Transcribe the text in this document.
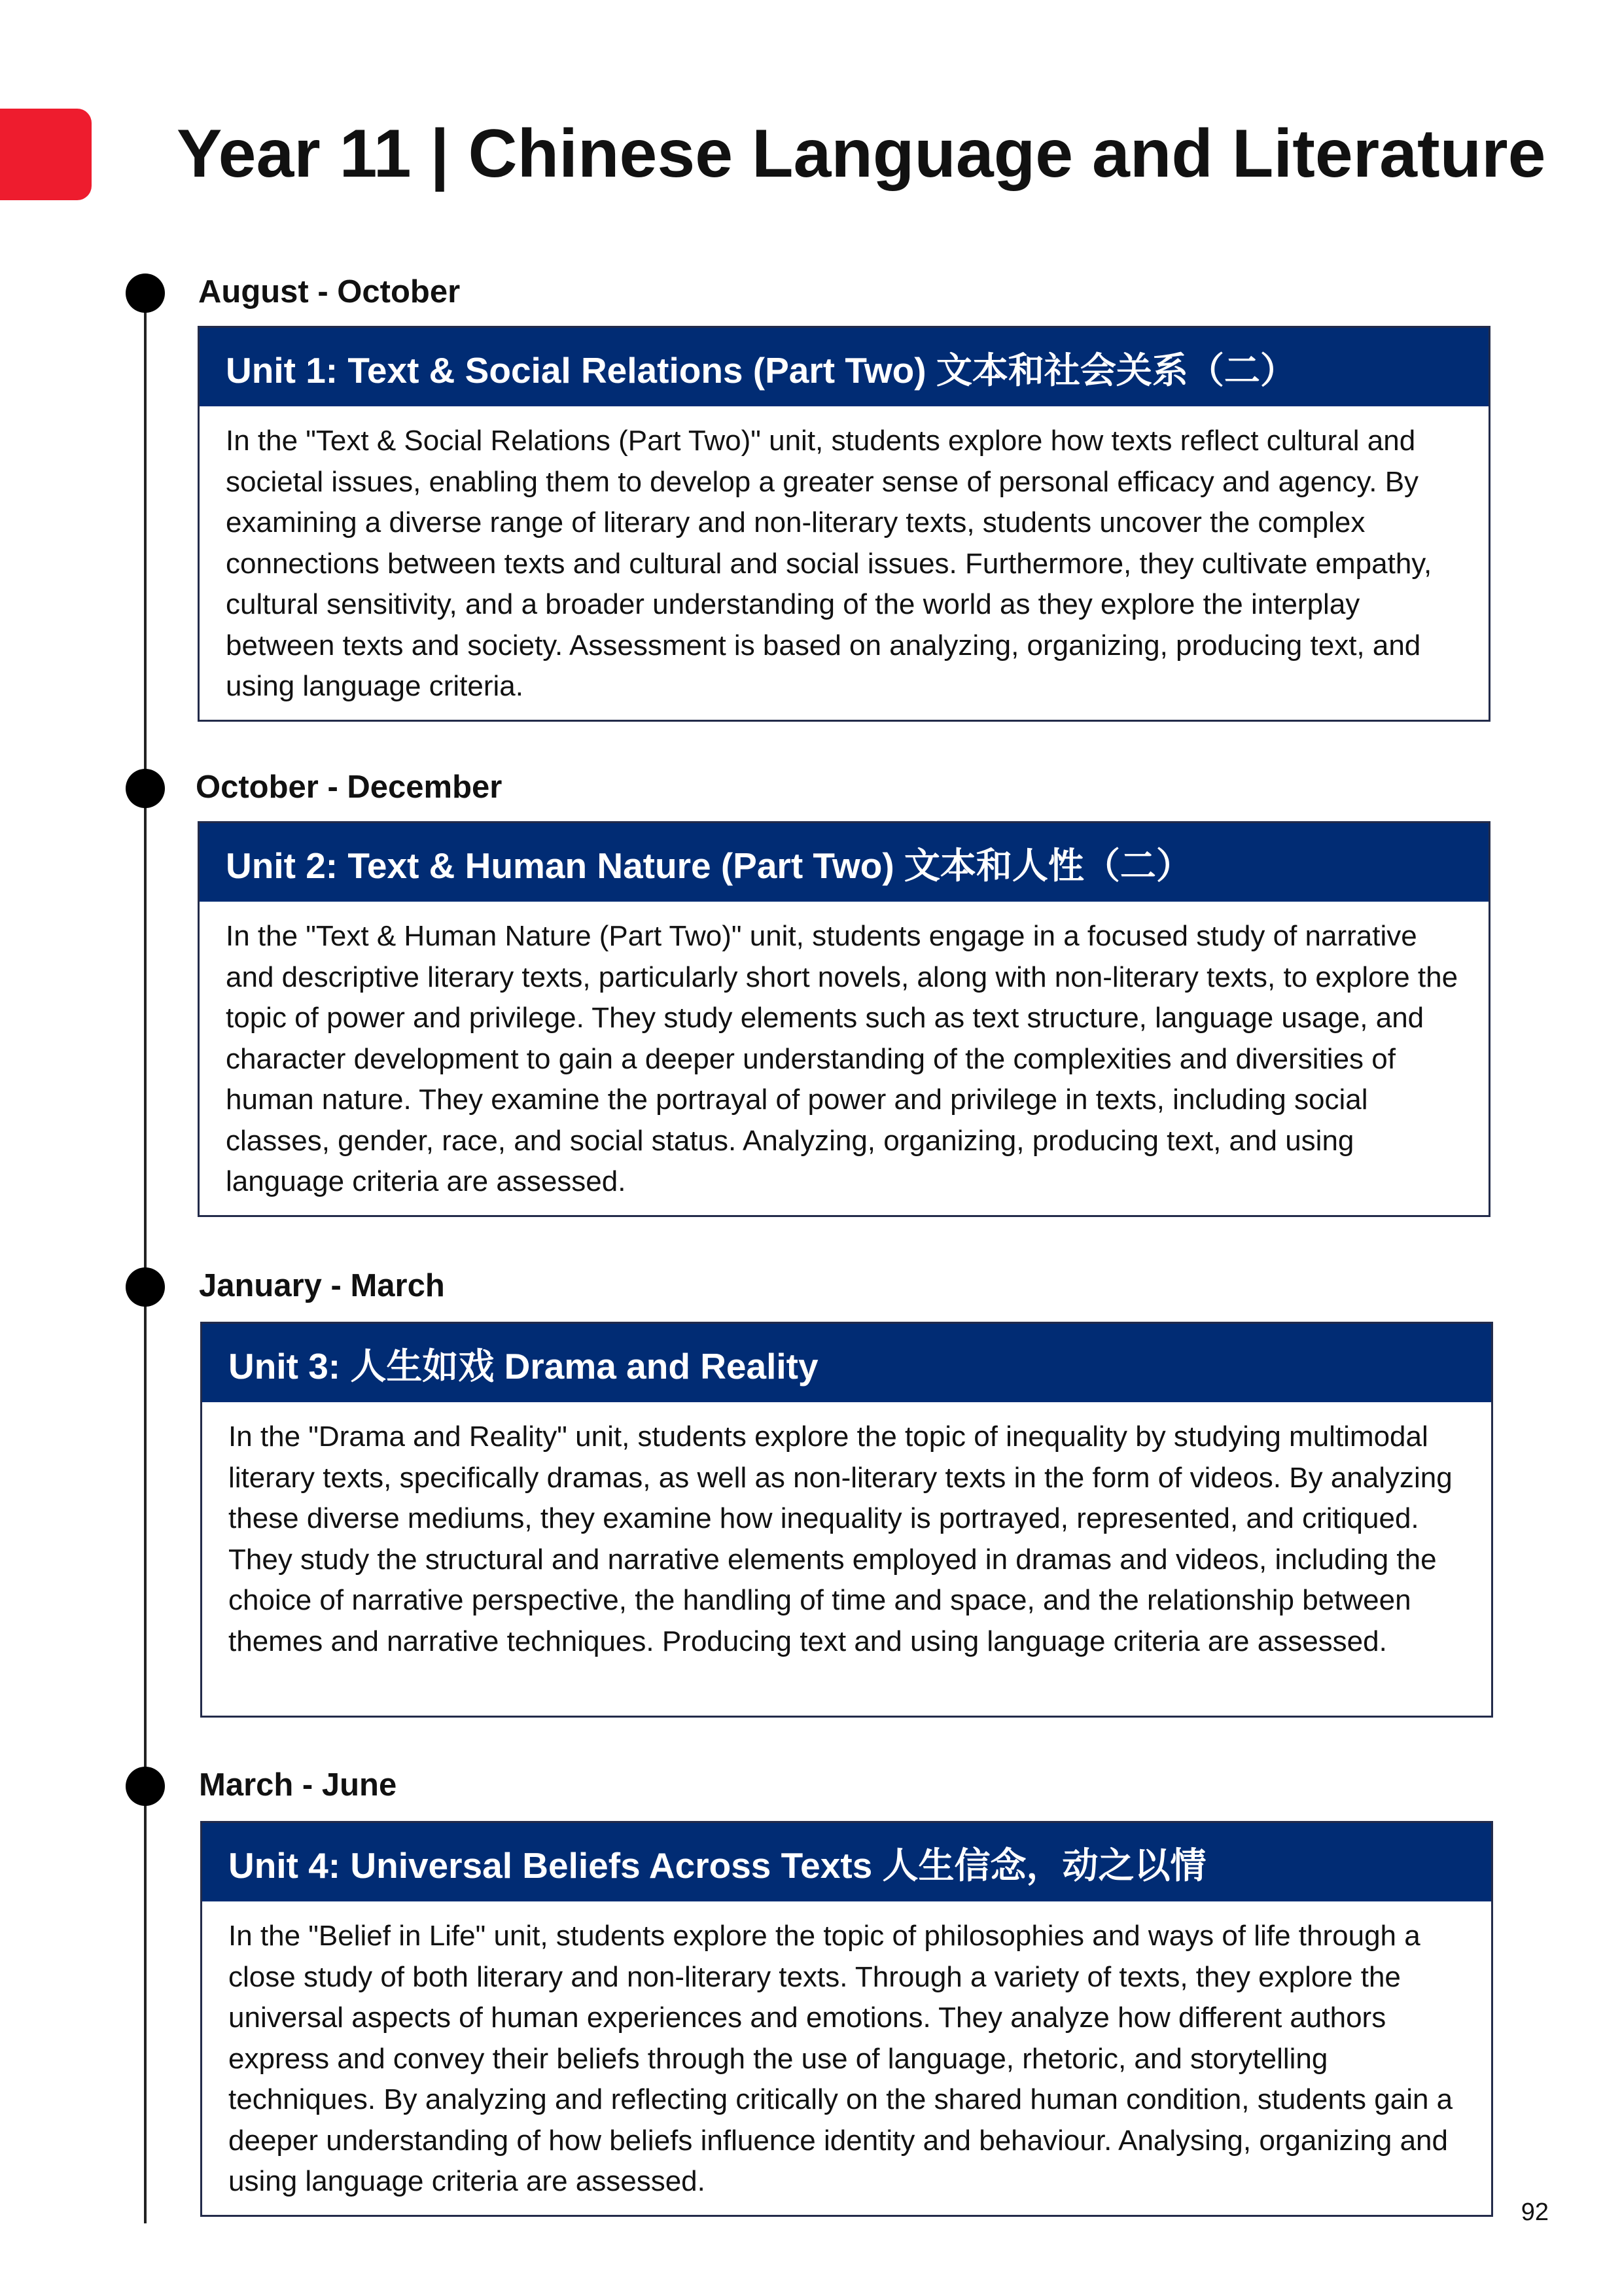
Year 11 | Chinese Language and Literature

August - October

Unit 1: Text & Social Relations (Part Two) 文本和社会关系（二）

In the "Text & Social Relations (Part Two)" unit, students explore how texts reflect cultural and societal issues, enabling them to develop a greater sense of personal efficacy and agency. By examining a diverse range of literary and non-literary texts, students uncover the complex connections between texts and cultural and social issues. Furthermore, they cultivate empathy, cultural sensitivity, and a broader understanding of the world as they explore the interplay between texts and society. Assessment is based on analyzing, organizing, producing text, and using language criteria.

October - December

Unit 2: Text & Human Nature (Part Two) 文本和人性（二）

In the "Text & Human Nature (Part Two)" unit, students engage in a focused study of narrative and descriptive literary texts, particularly short novels, along with non-literary texts, to explore the topic of power and privilege. They study elements such as text structure, language usage, and character development to gain a deeper understanding of the complexities and diversities of human nature. They examine the portrayal of power and privilege in texts, including social classes, gender, race, and social status. Analyzing, organizing, producing text, and using language criteria are assessed.

January - March

Unit 3: 人生如戏 Drama and Reality

In the "Drama and Reality" unit, students explore the topic of inequality by studying multimodal literary texts, specifically dramas, as well as non-literary texts in the form of videos. By analyzing these diverse mediums, they examine how inequality is portrayed, represented, and critiqued. They study the structural and narrative elements employed in dramas and videos, including the choice of narrative perspective, the handling of time and space, and the relationship between themes and narrative techniques. Producing text and using language criteria are assessed.

March - June

Unit 4: Universal Beliefs Across Texts 人生信念，动之以情

In the "Belief in Life" unit, students explore the topic of philosophies and ways of life through a close study of both literary and non-literary texts. Through a variety of texts, they explore the universal aspects of human experiences and emotions. They analyze how different authors express and convey their beliefs through the use of language, rhetoric, and storytelling techniques. By analyzing and reflecting critically on the shared human condition, students gain a deeper understanding of how beliefs influence identity and behaviour. Analysing, organizing and using language criteria are assessed.

92
